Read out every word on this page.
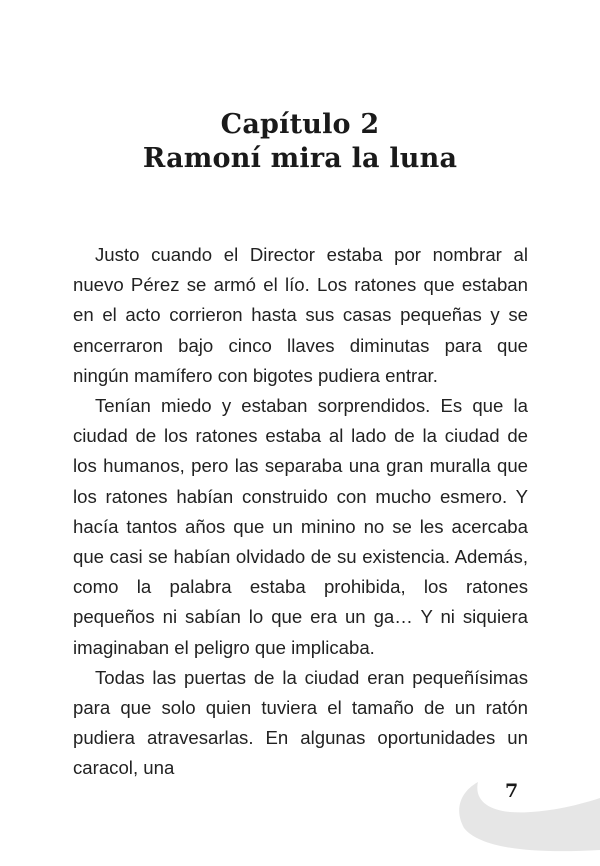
Capítulo 2
Ramoní mira la luna

Justo cuando el Director estaba por nombrar al nuevo Pérez se armó el lío. Los ratones que estaban en el acto corrieron hasta sus casas pequeñas y se encerraron bajo cinco llaves diminutas para que ningún mamífero con bigotes pudiera entrar.

Tenían miedo y estaban sorprendidos. Es que la ciudad de los ratones estaba al lado de la ciudad de los humanos, pero las separaba una gran muralla que los ratones habían construido con mucho esmero. Y hacía tantos años que un minino no se les acercaba que casi se habían olvidado de su existencia. Además, como la palabra estaba prohibida, los ratones pequeños ni sabían lo que era un ga… Y ni siquiera imaginaban el peligro que implicaba.

Todas las puertas de la ciudad eran pequeñísimas para que solo quien tuviera el tamaño de un ratón pudiera atravesarlas. En algunas oportunidades un caracol, una

7
